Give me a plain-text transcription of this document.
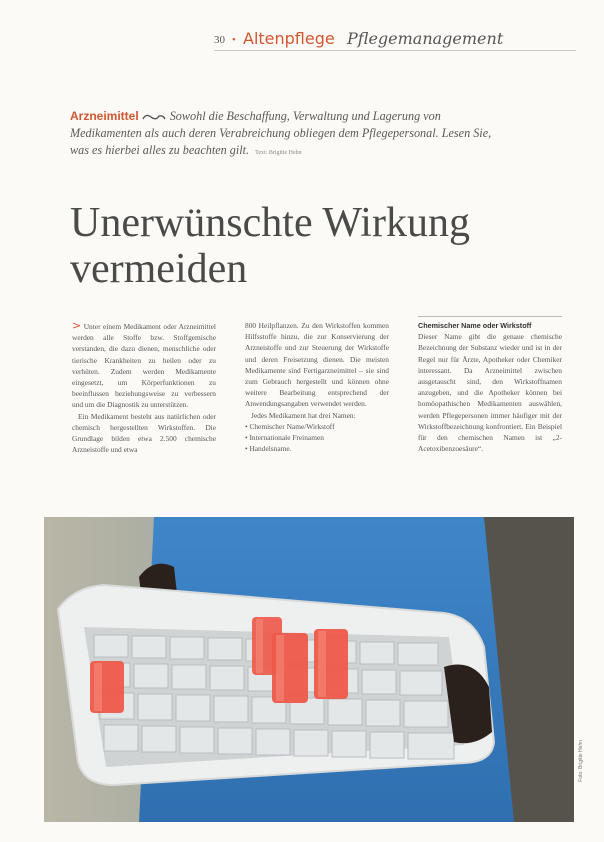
30 • Altenpflege Pflegemanagement
Arzneimittel	Sowohl die Beschaffung, Verwaltung und Lagerung von Medikamenten als auch deren Verabreichung obliegen dem Pflegepersonal. Lesen Sie, was es hierbei alles zu beachten gilt. Text: Brigitte Hehn
Unerwünschte Wirkung
vermeiden

> Unter einem Medikament oder Arzneimittel werden alle Stoffe bzw. Stoffgemische verstanden, die dazu dienen, menschliche oder tierische Krankheiten zu heilen oder zu verhüten. Zudem werden Medikamente eingesetzt, um Körperfunktionen zu beeinflussen beziehungsweise zu verbessern und um die Diagnostik zu unterstützen.

Ein Medikament besteht aus natürlichen oder chemisch hergestellten Wirkstoffen. Die Grundlage bilden etwa 2.500 chemische Arzneistoffe und etwa

800 Heilpflanzen. Zu den Wirkstoffen kommen Hilfsstoffe hinzu, die zur Konservierung der Arzneistoffe und zur Steuerung der Wirkstoffe und deren Freisetzung dienen. Die meisten Medikamente sind Fertigarzneimittel – sie sind zum Gebrauch hergestellt und können ohne weitere Bearbeitung entsprechend der Anwendungsangaben verwendet werden.

Jedes Medikament hat drei Namen:

• Chemischer Name/Wirkstoff
• Internationale Freinamen
• Handelsname.

Chemischer Name oder Wirkstoff

Dieser Name gibt die genaue chemische Bezeichnung der Substanz wieder und ist in der Regel nur für Ärzte, Apotheker oder Chemiker interessant. Da Arzneimittel zwischen ausgetauscht sind, den Wirkstoffnamen anzugeben, und die Apotheker können bei homöopathischen Medikamenten auswählen, werden Pflegepersonen immer häufiger mit der Wirkstoffbezeichnung konfrontiert. Ein Beispiel für den chemischen Namen ist „2-Acetoxibenzoesäure“.

Foto: Brigitte Hehn
